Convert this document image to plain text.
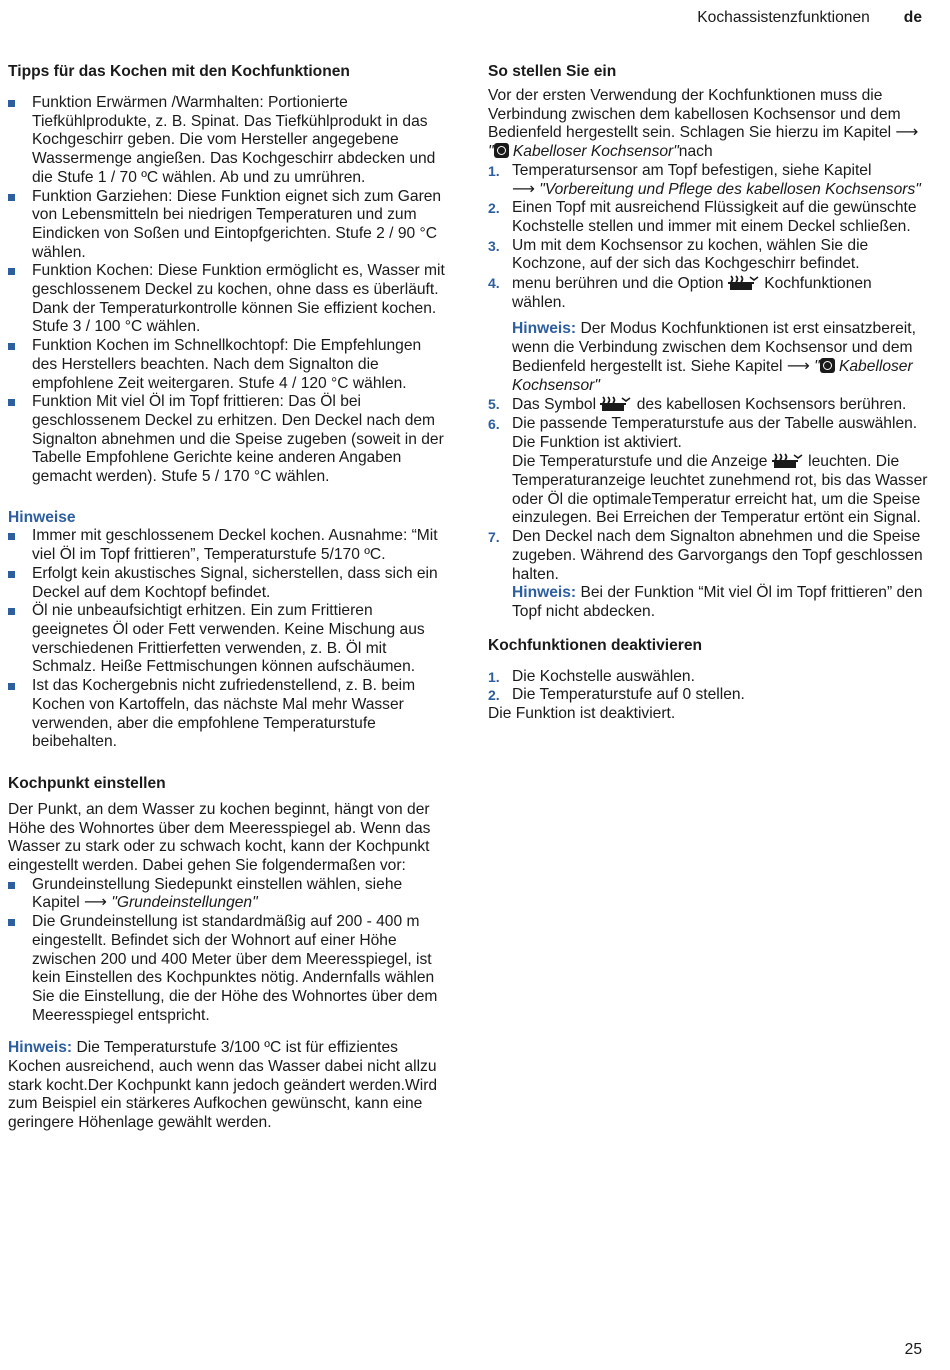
Kochassistenzfunktionen de
Tipps für das Kochen mit den Kochfunktionen
Funktion Erwärmen /Warmhalten: Portionierte Tiefkühlprodukte, z. B. Spinat. Das Tiefkühlprodukt in das Kochgeschirr geben. Die vom Hersteller angegebene Wassermenge angießen. Das Kochgeschirr abdecken und die Stufe 1 / 70 ºC wählen. Ab und zu umrühren.
Funktion Garziehen: Diese Funktion eignet sich zum Garen von Lebensmitteln bei niedrigen Temperaturen und zum Eindicken von Soßen und Eintopfgerichten. Stufe 2 / 90 °C wählen.
Funktion Kochen: Diese Funktion ermöglicht es, Wasser mit geschlossenem Deckel zu kochen, ohne dass es überläuft. Dank der Temperaturkontrolle können Sie effizient kochen. Stufe 3 / 100 °C wählen.
Funktion Kochen im Schnellkochtopf: Die Empfehlungen des Herstellers beachten. Nach dem Signalton die empfohlene Zeit weitergaren. Stufe 4 / 120 °C wählen.
Funktion Mit viel Öl im Topf frittieren: Das Öl bei geschlossenem Deckel zu erhitzen. Den Deckel nach dem Signalton abnehmen und die Speise zugeben (soweit in der Tabelle Empfohlene Gerichte keine anderen Angaben gemacht werden). Stufe 5 / 170 °C wählen.

Hinweise

Immer mit geschlossenem Deckel kochen. Ausnahme: “Mit viel Öl im Topf frittieren”, Temperaturstufe 5/170 ºC.
Erfolgt kein akustisches Signal, sicherstellen, dass sich ein Deckel auf dem Kochtopf befindet.
Öl nie unbeaufsichtigt erhitzen. Ein zum Frittieren geeignetes Öl oder Fett verwenden. Keine Mischung aus verschiedenen Frittierfetten verwenden, z. B. Öl mit Schmalz. Heiße Fettmischungen können aufschäumen.
Ist das Kochergebnis nicht zufriedenstellend, z. B. beim Kochen von Kartoffeln, das nächste Mal mehr Wasser verwenden, aber die empfohlene Temperaturstufe beibehalten.
Kochpunkt einstellen

Der Punkt, an dem Wasser zu kochen beginnt, hängt von der Höhe des Wohnortes über dem Meeresspiegel ab. Wenn das Wasser zu stark oder zu schwach kocht, kann der Kochpunkt eingestellt werden. Dabei gehen Sie folgendermaßen vor:

Grundeinstellung Siedepunkt einstellen wählen, siehe Kapitel ⟶ "Grundeinstellungen"
Die Grundeinstellung ist standardmäßig auf 200 - 400 m eingestellt. Befindet sich der Wohnort auf einer Höhe zwischen 200 und 400 Meter über dem Meeresspiegel, ist kein Einstellen des Kochpunktes nötig. Andernfalls wählen Sie die Einstellung, die der Höhe des Wohnortes über dem Meeresspiegel entspricht.

Hinweis: Die Temperaturstufe 3/100 ºC ist für effizientes Kochen ausreichend, auch wenn das Wasser dabei nicht allzu stark kocht.Der Kochpunkt kann jedoch geändert werden.Wird zum Beispiel ein stärkeres Aufkochen gewünscht, kann eine geringere Höhenlage gewählt werden.

So stellen Sie ein

Vor der ersten Verwendung der Kochfunktionen muss die Verbindung zwischen dem kabellosen Kochsensor und dem Bedienfeld hergestellt sein. Schlagen Sie hierzu im Kapitel ⟶ " Kabelloser Kochsensor"nach

1. Temperatursensor am Topf befestigen, siehe Kapitel
⟶ "Vorbereitung und Pflege des kabellosen Kochsensors"
2. Einen Topf mit ausreichend Flüssigkeit auf die gewünschte Kochstelle stellen und immer mit einem Deckel schließen.
3. Um mit dem Kochsensor zu kochen, wählen Sie die Kochzone, auf der sich das Kochgeschirr befindet.
4. menu berühren und die Option	Kochfunktionen wählen.

Hinweis: Der Modus Kochfunktionen ist erst einsatzbereit, wenn die Verbindung zwischen dem Kochsensor und dem Bedienfeld hergestellt ist. Siehe Kapitel ⟶ " Kabelloser Kochsensor"

5. Das Symbol	des kabellosen Kochsensors berühren.
6. Die passende Temperaturstufe aus der Tabelle auswählen.

Die Funktion ist aktiviert.

Die Temperaturstufe und die Anzeige	leuchten. Die Temperaturanzeige leuchtet zunehmend rot, bis das Wasser oder Öl die optimaleTemperatur erreicht hat, um die Speise einzulegen. Bei Erreichen der Temperatur ertönt ein Signal.

7. Den Deckel nach dem Signalton abnehmen und die Speise zugeben. Während des Garvorgangs den Topf geschlossen halten.

Hinweis: Bei der Funktion “Mit viel Öl im Topf frittieren” den Topf nicht abdecken.

Kochfunktionen deaktivieren
1. Die Kochstelle auswählen.
2. Die Temperaturstufe auf 0 stellen.

Die Funktion ist deaktiviert.

25
